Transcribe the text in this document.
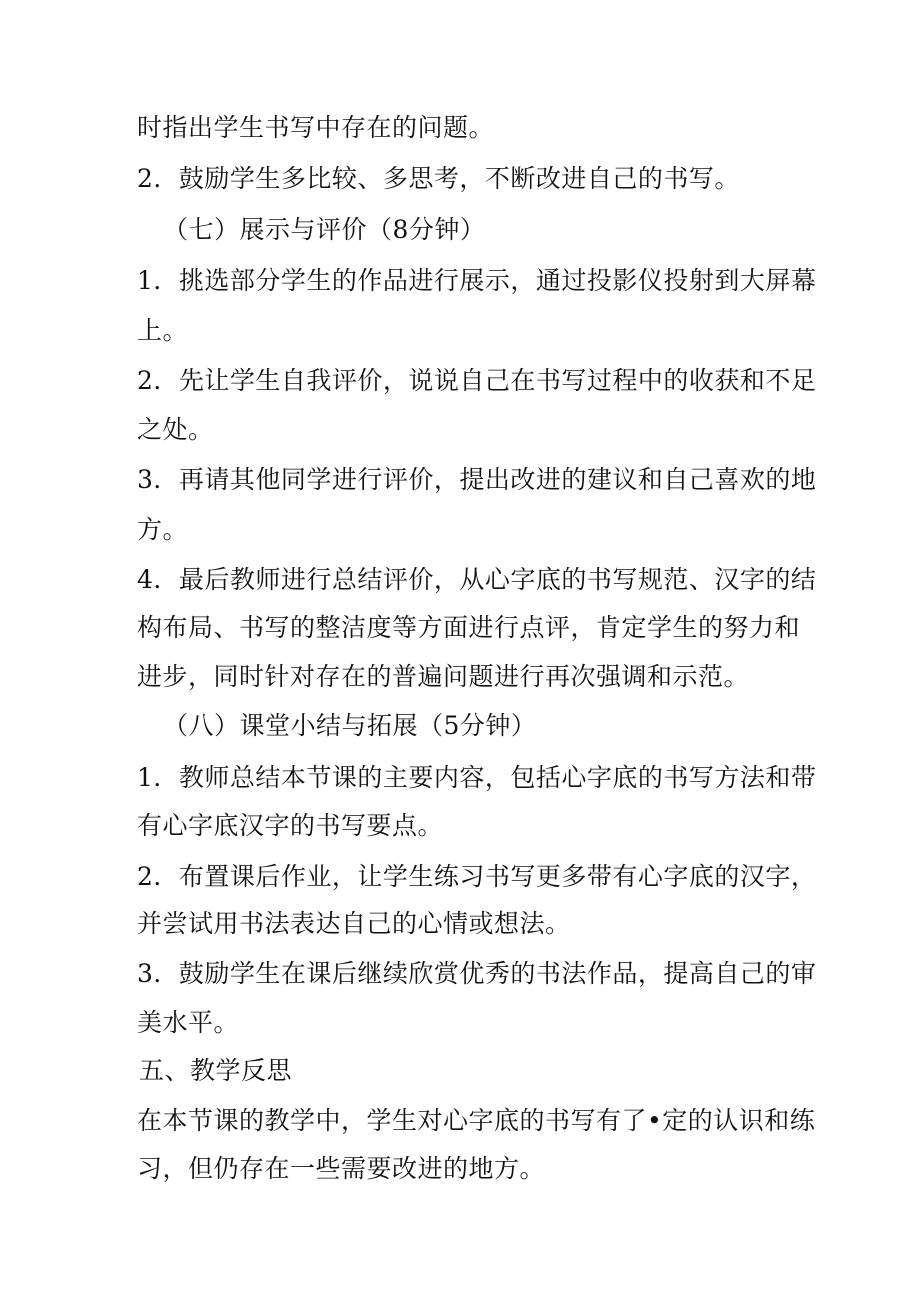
时指出学生书写中存在的问题。
2．鼓励学生多比较、多思考，不断改进自己的书写。
（七）展示与评价（8分钟）
1．挑选部分学生的作品进行展示，通过投影仪投射到大屏幕
上。
2．先让学生自我评价，说说自己在书写过程中的收获和不足
之处。
3．再请其他同学进行评价，提出改进的建议和自己喜欢的地
方。
4．最后教师进行总结评价，从心字底的书写规范、汉字的结
构布局、书写的整洁度等方面进行点评，肯定学生的努力和
进步，同时针对存在的普遍问题进行再次强调和示范。
（八）课堂小结与拓展（5分钟）
1．教师总结本节课的主要内容，包括心字底的书写方法和带
有心字底汉字的书写要点。
2．布置课后作业，让学生练习书写更多带有心字底的汉字，
并尝试用书法表达自己的心情或想法。
3．鼓励学生在课后继续欣赏优秀的书法作品，提高自己的审
美水平。
五、教学反思
在本节课的教学中，学生对心字底的书写有了•定的认识和练
习，但仍存在一些需要改进的地方。
